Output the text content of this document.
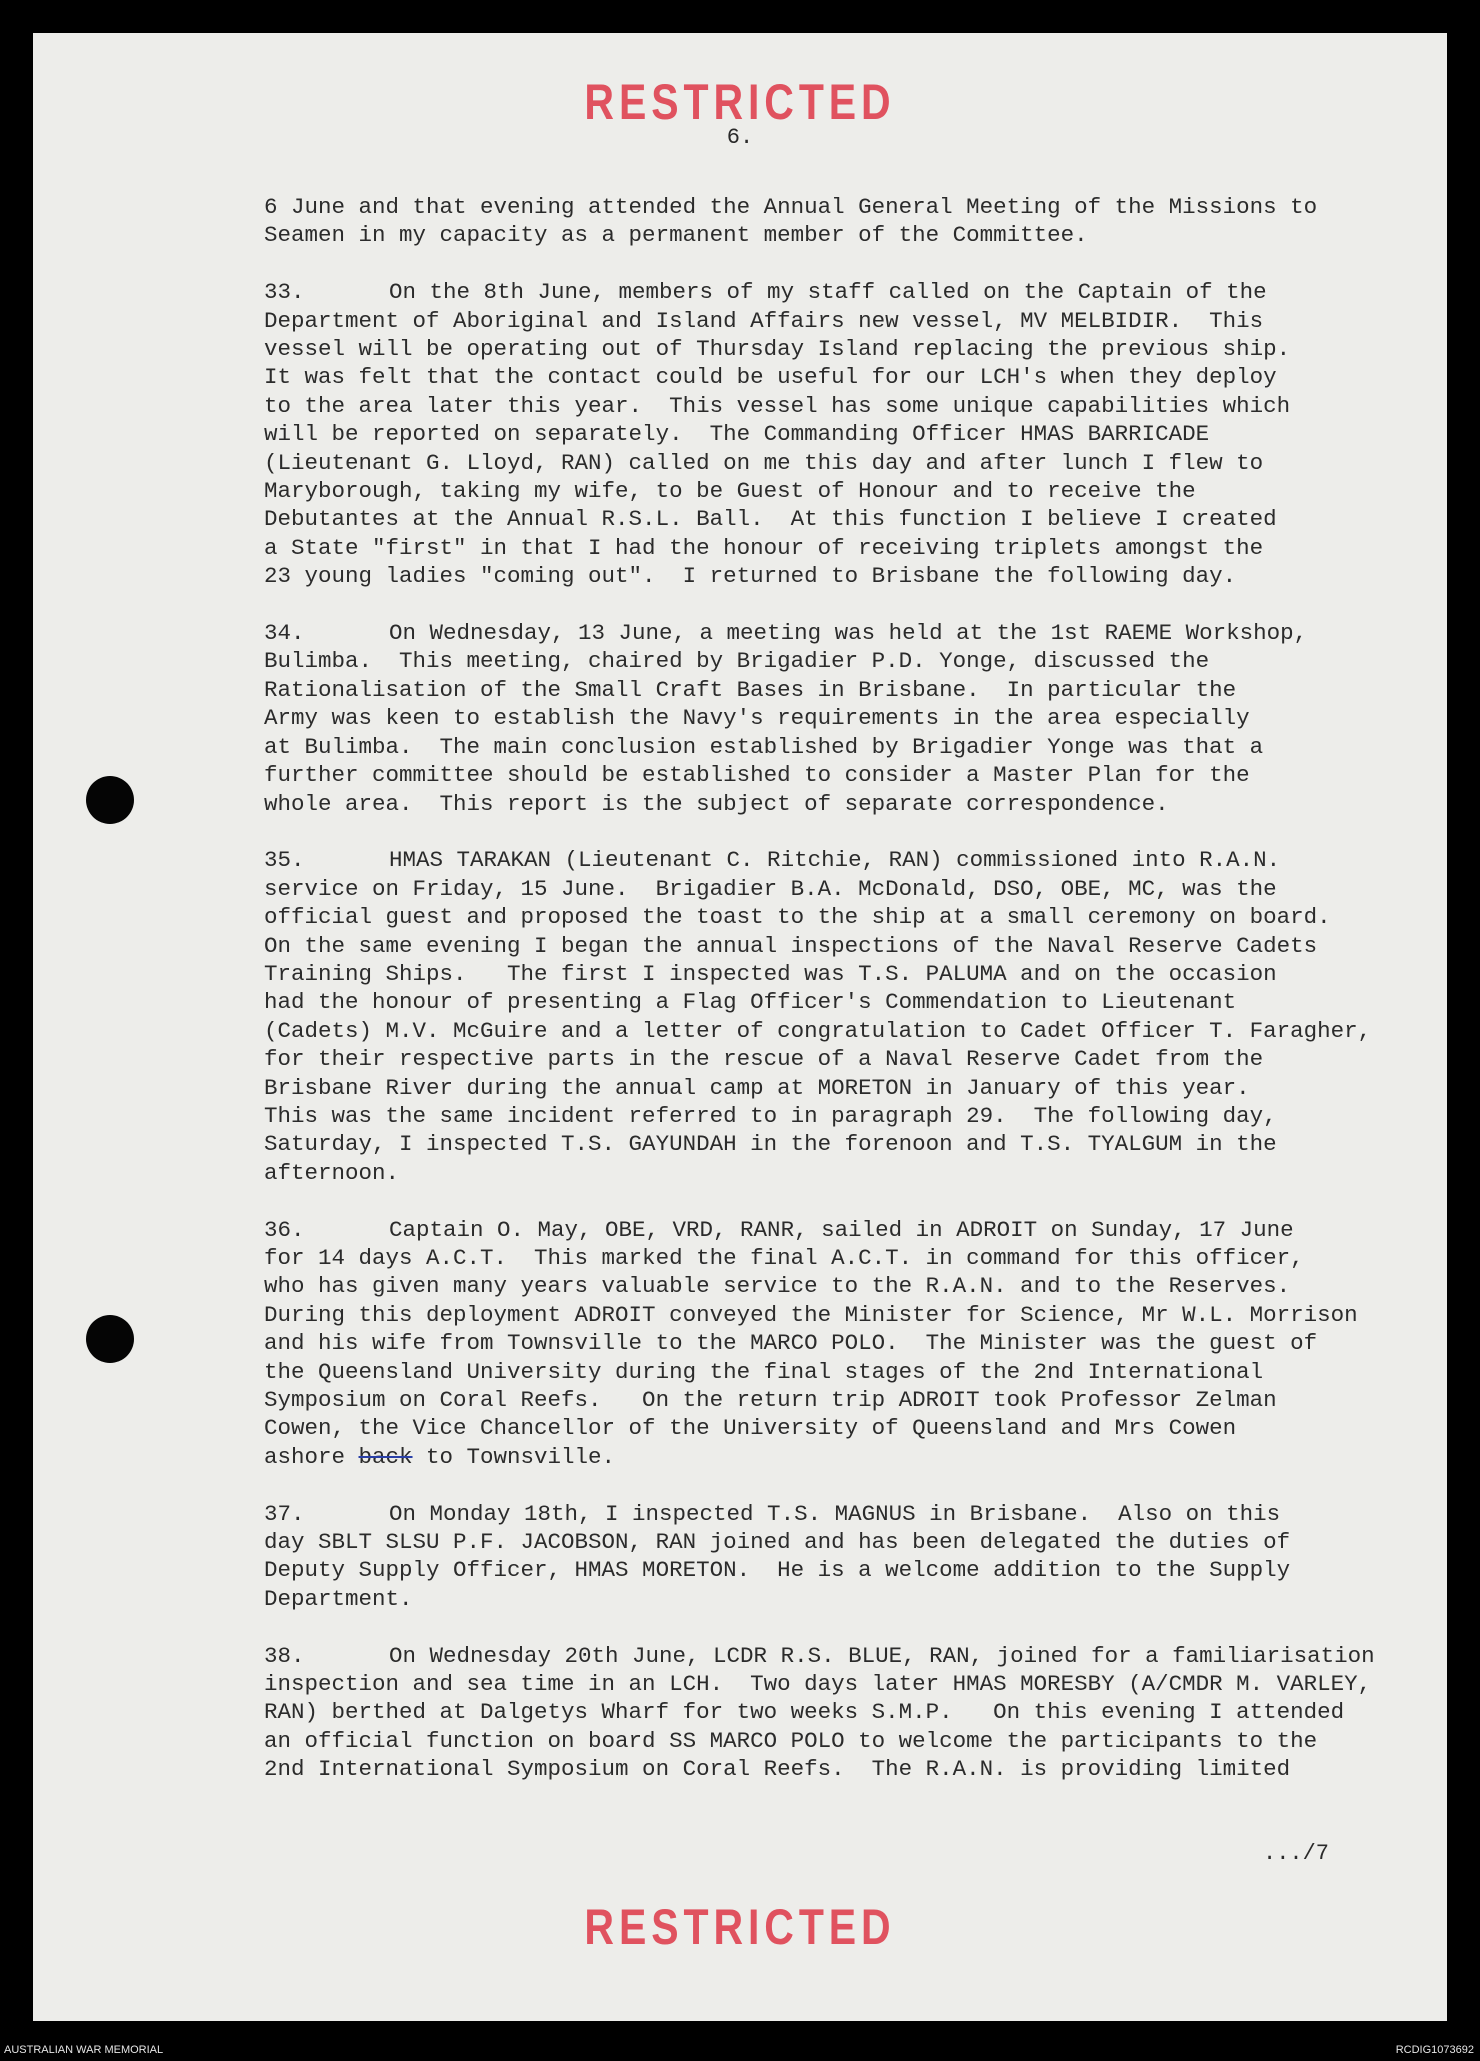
RESTRICTED
6.
6 June and that evening attended the Annual General Meeting of the Missions to
Seamen in my capacity as a permanent member of the Committee.
33.	On the 8th June, members of my staff called on the Captain of the
Department of Aboriginal and Island Affairs new vessel, MV MELBIDIR.  This
vessel will be operating out of Thursday Island replacing the previous ship.
It was felt that the contact could be useful for our LCH's when they deploy
to the area later this year.  This vessel has some unique capabilities which
will be reported on separately.  The Commanding Officer HMAS BARRICADE
(Lieutenant G. Lloyd, RAN) called on me this day and after lunch I flew to
Maryborough, taking my wife, to be Guest of Honour and to receive the
Debutantes at the Annual R.S.L. Ball.  At this function I believe I created
a State "first" in that I had the honour of receiving triplets amongst the
23 young ladies "coming out".  I returned to Brisbane the following day.
34.	On Wednesday, 13 June, a meeting was held at the 1st RAEME Workshop,
Bulimba.  This meeting, chaired by Brigadier P.D. Yonge, discussed the
Rationalisation of the Small Craft Bases in Brisbane.  In particular the
Army was keen to establish the Navy's requirements in the area especially
at Bulimba.  The main conclusion established by Brigadier Yonge was that a
further committee should be established to consider a Master Plan for the
whole area.  This report is the subject of separate correspondence.
35.	HMAS TARAKAN (Lieutenant C. Ritchie, RAN) commissioned into R.A.N.
service on Friday, 15 June.  Brigadier B.A. McDonald, DSO, OBE, MC, was the
official guest and proposed the toast to the ship at a small ceremony on board.
On the same evening I began the annual inspections of the Naval Reserve Cadets
Training Ships.   The first I inspected was T.S. PALUMA and on the occasion
had the honour of presenting a Flag Officer's Commendation to Lieutenant
(Cadets) M.V. McGuire and a letter of congratulation to Cadet Officer T. Faragher,
for their respective parts in the rescue of a Naval Reserve Cadet from the
Brisbane River during the annual camp at MORETON in January of this year.
This was the same incident referred to in paragraph 29.  The following day,
Saturday, I inspected T.S. GAYUNDAH in the forenoon and T.S. TYALGUM in the
afternoon.
36.	Captain O. May, OBE, VRD, RANR, sailed in ADROIT on Sunday, 17 June
for 14 days A.C.T.  This marked the final A.C.T. in command for this officer,
who has given many years valuable service to the R.A.N. and to the Reserves.
During this deployment ADROIT conveyed the Minister for Science, Mr W.L. Morrison
and his wife from Townsville to the MARCO POLO.  The Minister was the guest of
the Queensland University during the final stages of the 2nd International
Symposium on Coral Reefs.   On the return trip ADROIT took Professor Zelman
Cowen, the Vice Chancellor of the University of Queensland and Mrs Cowen
ashore back to Townsville.
37.	On Monday 18th, I inspected T.S. MAGNUS in Brisbane.  Also on this
day SBLT SLSU P.F. JACOBSON, RAN joined and has been delegated the duties of
Deputy Supply Officer, HMAS MORETON.  He is a welcome addition to the Supply
Department.
38.	On Wednesday 20th June, LCDR R.S. BLUE, RAN, joined for a familiarisation
inspection and sea time in an LCH.  Two days later HMAS MORESBY (A/CMDR M. VARLEY,
RAN) berthed at Dalgetys Wharf for two weeks S.M.P.   On this evening I attended
an official function on board SS MARCO POLO to welcome the participants to the
2nd International Symposium on Coral Reefs.  The R.A.N. is providing limited
.../7
RESTRICTED
AUSTRALIAN WAR MEMORIAL	RCDIG1073692
